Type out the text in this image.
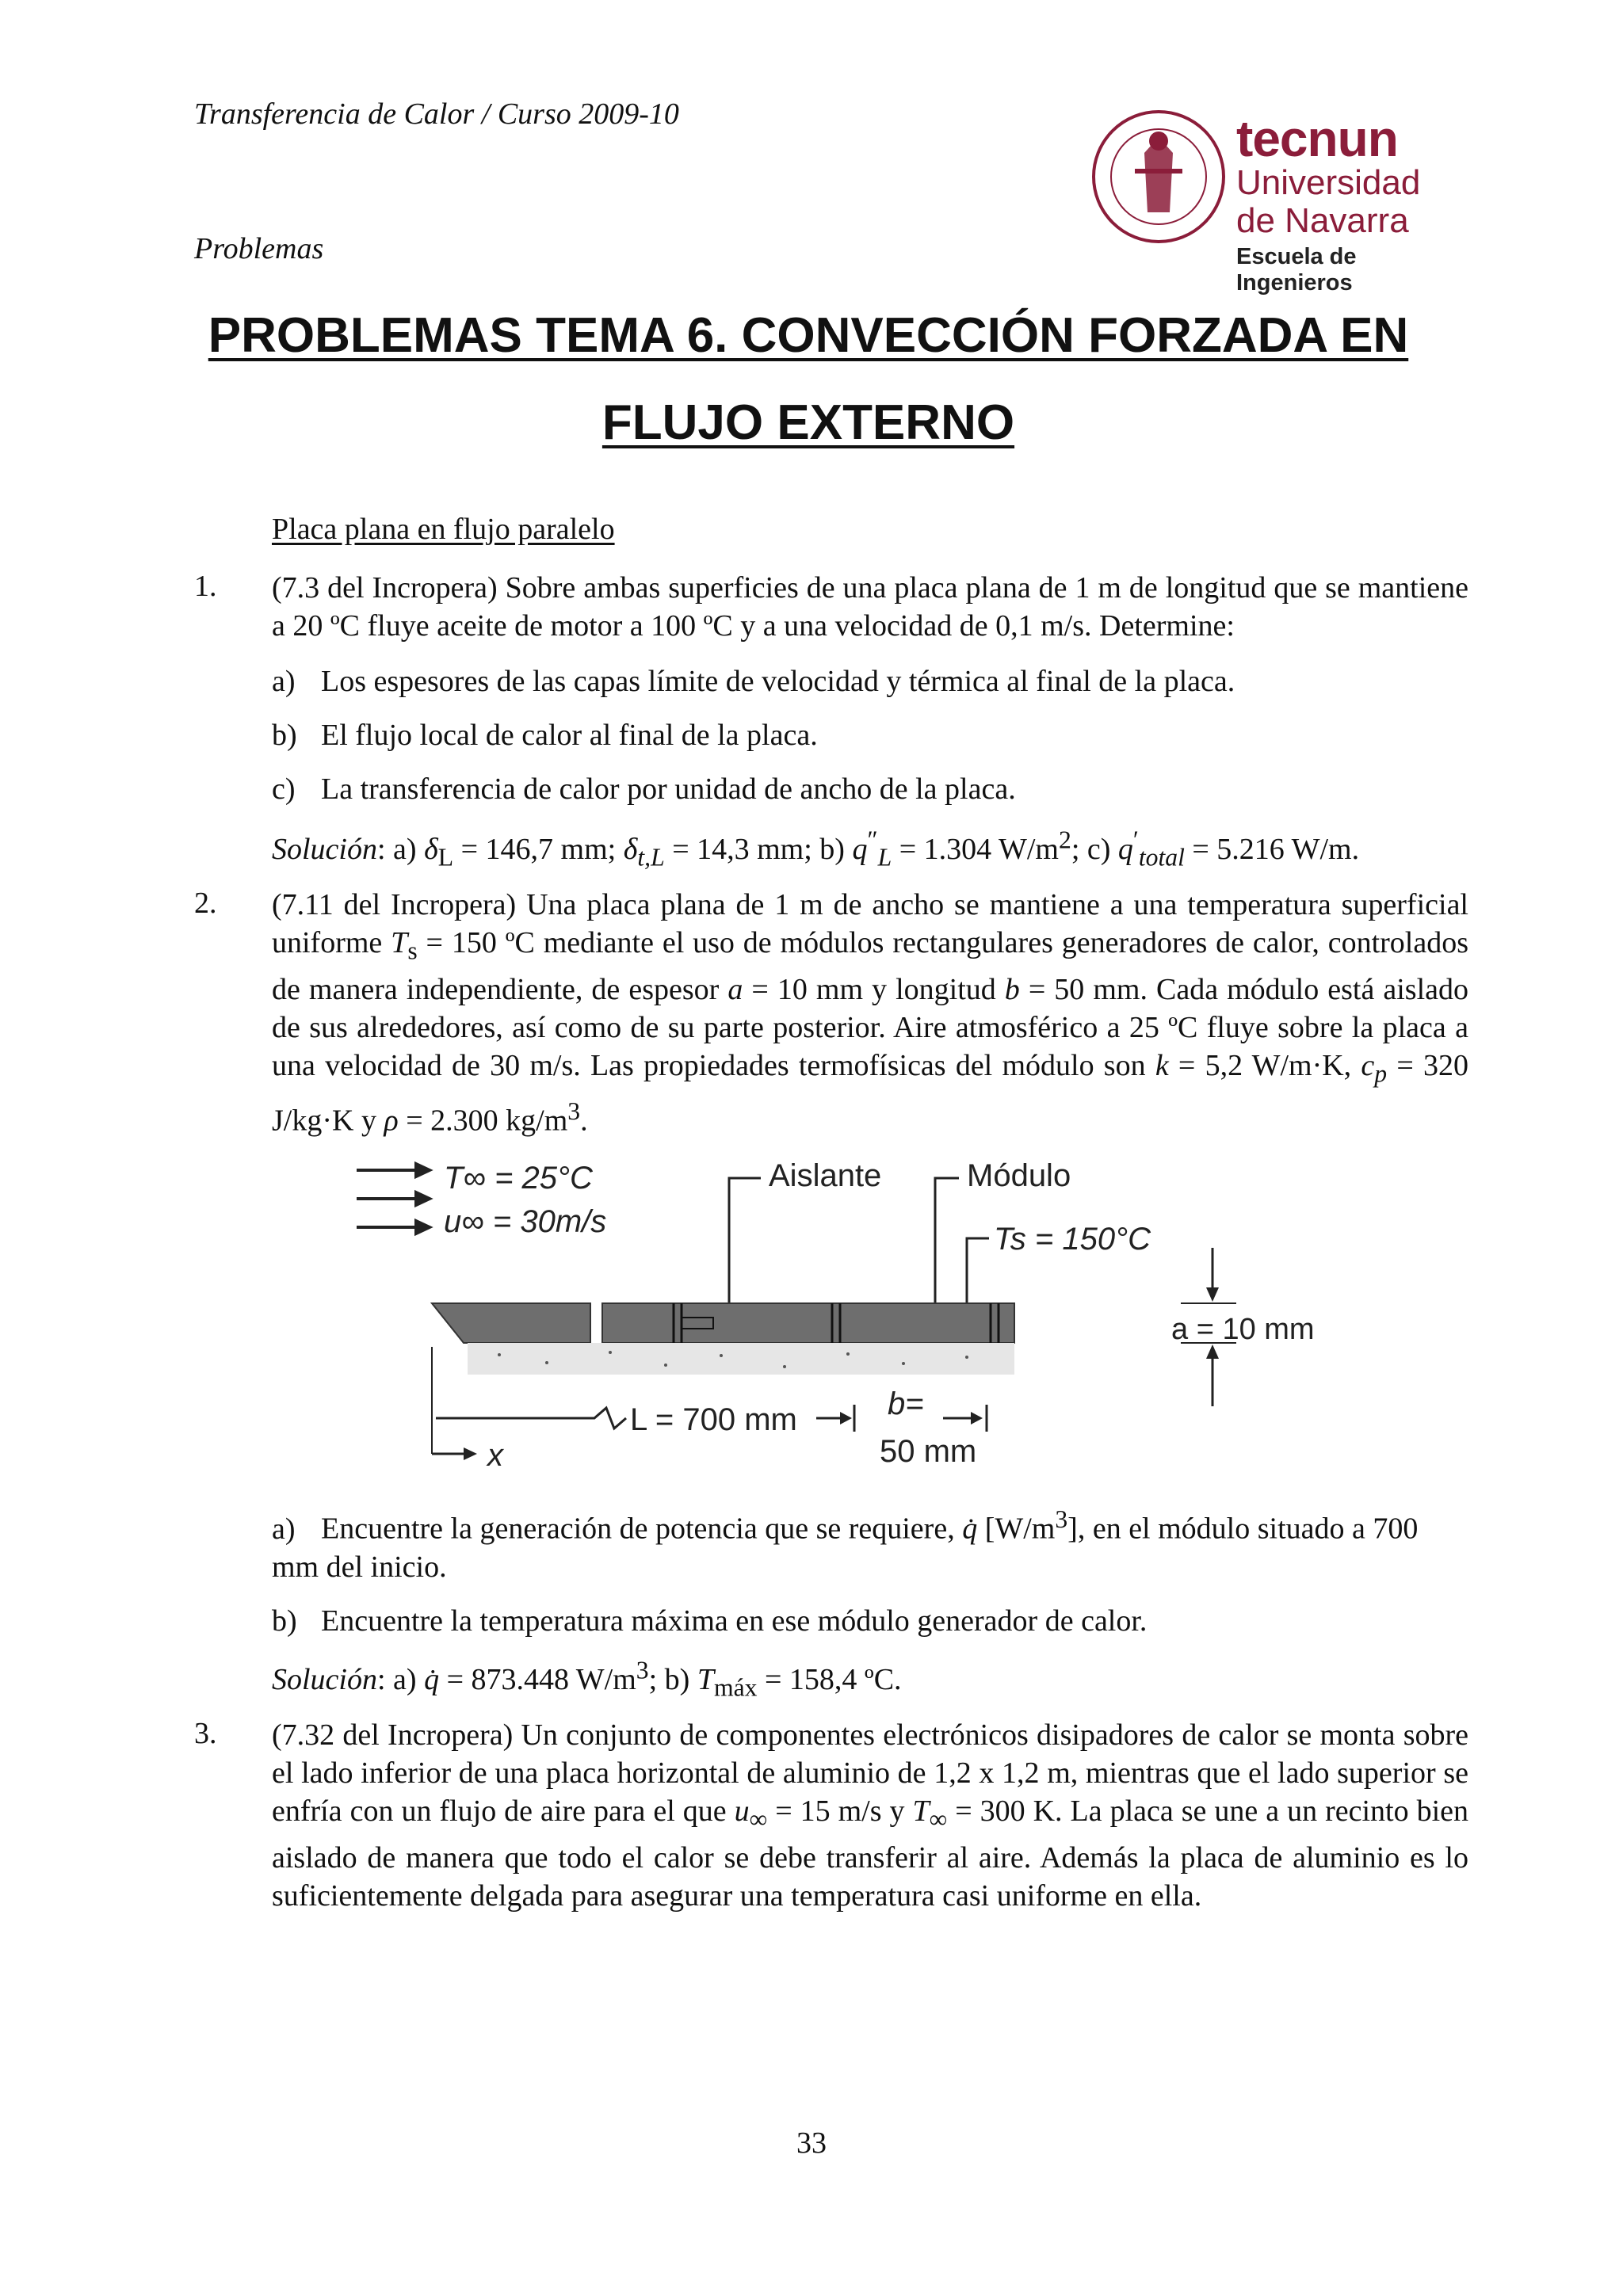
Transferencia de Calor / Curso 2009-10
Problemas
tecnun
Universidad
de Navarra
Escuela de Ingenieros
PROBLEMAS TEMA 6. CONVECCIÓN FORZADA EN
FLUJO EXTERNO
Placa plana en flujo paralelo
1. (7.3 del Incropera) Sobre ambas superficies de una placa plana de 1 m de longitud que se mantiene a 20 ºC fluye aceite de motor a 100 ºC y a una velocidad de 0,1 m/s. Determine:
a) Los espesores de las capas límite de velocidad y térmica al final de la placa.
b) El flujo local de calor al final de la placa.
c) La transferencia de calor por unidad de ancho de la placa.
Solución: a) $\delta_L = 146,7$ mm; $\delta_{t,L} = 14,3$ mm; b) $q''_L = 1.304$ $W/m^2$; c) $q'_{total} = 5.216$ W/m.
2. (7.11 del Incropera) Una placa plana de 1 m de ancho se mantiene a una temperatura superficial uniforme $T_s = 150$ ºC mediante el uso de módulos rectangulares generadores de calor, controlados de manera independiente, de espesor a = 10 mm y longitud b = 50 mm. Cada módulo está aislado de sus alrededores, así como de su parte posterior. Aire atmosférico a 25 ºC fluye sobre la placa a una velocidad de 30 m/s. Las propiedades termofísicas del módulo son k = 5,2 W/m·K, $c_p = 320$ J/kg·K y ρ = 2.300 $kg/m^3$.
T∞ = 25°C
u∞ = 30m/s
Aislante	Módulo
Ts = 150°C
a = 10 mm
L = 700 mm	b=
50 mm
x
a) Encuentre la generación de potencia que se requiere, q̇ $[W/m^3]$, en el módulo situado a 700 mm del inicio.
b) Encuentre la temperatura máxima en ese módulo generador de calor.
Solución: a) q̇ = 873.448 $W/m^3$; b) $T_{máx} = 158,4$ ºC.
3. (7.32 del Incropera) Un conjunto de componentes electrónicos disipadores de calor se monta sobre el lado inferior de una placa horizontal de aluminio de 1,2 x 1,2 m, mientras que el lado superior se enfría con un flujo de aire para el que $u_\infty = 15$ m/s y $T_\infty = 300$ K. La placa se une a un recinto bien aislado de manera que todo el calor se debe transferir al aire. Además la placa de aluminio es lo suficientemente delgada para asegurar una temperatura casi uniforme en ella.
33
